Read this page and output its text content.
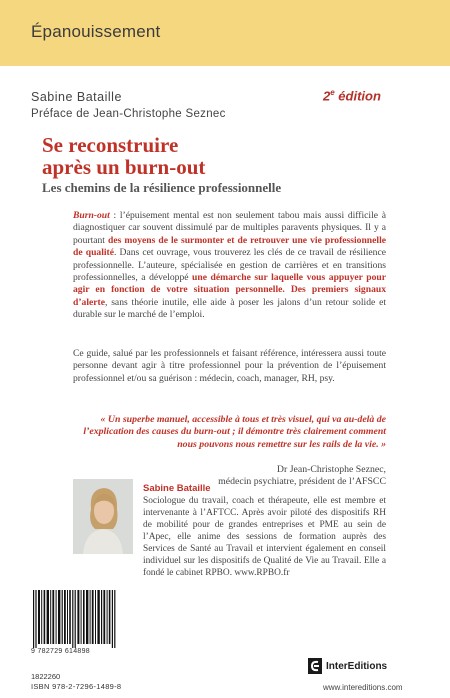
Épanouissement
Sabine Bataille
Préface de Jean-Christophe Seznec
2e édition
Se reconstruire
après un burn-out
Les chemins de la résilience professionnelle
Burn-out : l’épuisement mental est non seulement tabou mais aussi difficile à diagnostiquer car souvent dissimulé par de multiples paravents physiques. Il y a pourtant des moyens de le surmonter et de retrouver une vie professionnelle de qualité. Dans cet ouvrage, vous trouverez les clés de ce travail de résilience professionnelle. L’auteure, spécialisée en gestion de carrières et en transitions professionnelles, a développé une démarche sur laquelle vous appuyer pour agir en fonction de votre situation personnelle. Des premiers signaux d’alerte, sans théorie inutile, elle aide à poser les jalons d’un retour solide et durable sur le marché de l’emploi.
Ce guide, salué par les professionnels et faisant référence, intéressera aussi toute personne devant agir à titre professionnel pour la prévention de l’épuisement professionnel et/ou sa guérison : médecin, coach, manager, RH, psy.
« Un superbe manuel, accessible à tous et très visuel, qui va au-delà de l’explication des causes du burn-out ; il démontre très clairement comment nous pouvons nous remettre sur les rails de la vie. »
Dr Jean-Christophe Seznec,
médecin psychiatre, président de l’AFSCC
Sabine Bataille
Sociologue du travail, coach et thérapeute, elle est membre et intervenante à l’AFTCC. Après avoir piloté des dispositifs RH de mobilité pour de grandes entreprises et PME au sein de l’Apec, elle anime des sessions de formation auprès des Services de Santé au Travail et intervient également en conseil individuel sur les dispositifs de Qualité de Vie au Travail. Elle a fondé le cabinet RPBO. www.RPBO.fr
9 782729 614898
1822260
ISBN 978-2-7296-1489-8
InterEditions
www.intereditions.com
